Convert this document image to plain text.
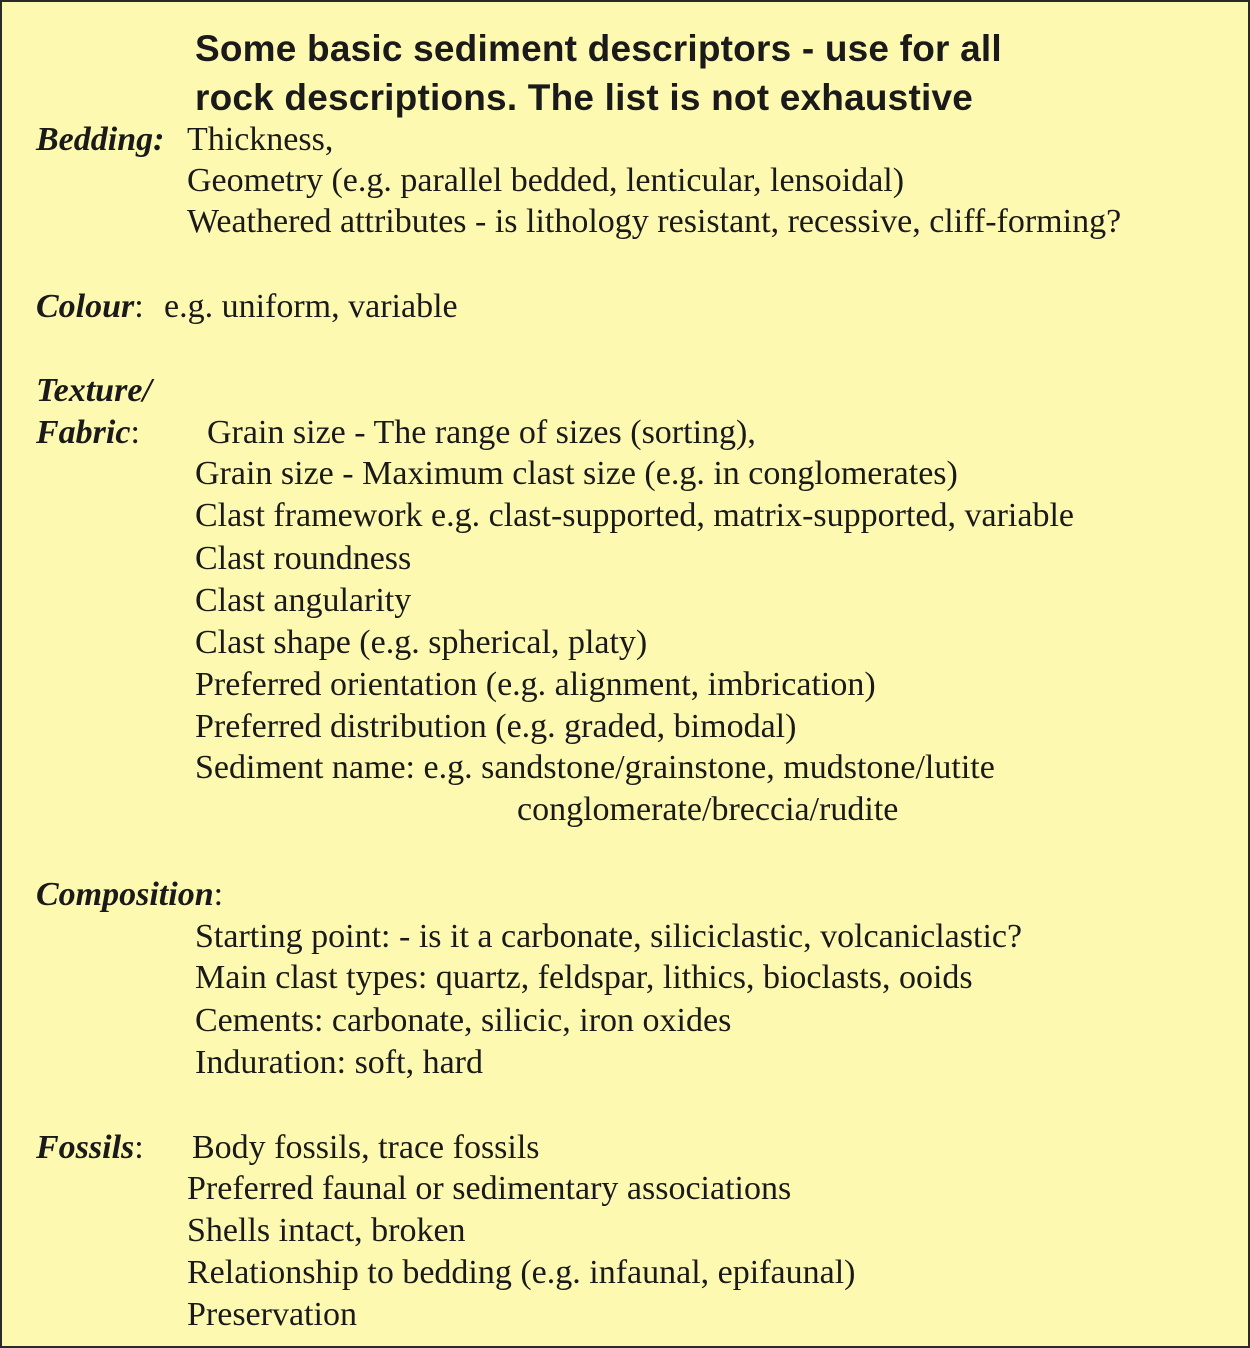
Some basic sediment descriptors - use for all
rock descriptions. The list is not exhaustive
Bedding: Thickness,
Geometry (e.g. parallel bedded, lenticular, lensoidal)
Weathered attributes - is lithology resistant, recessive, cliff-forming?
Colour: e.g. uniform, variable
Texture/
Fabric: Grain size - The range of sizes (sorting),
Grain size - Maximum clast size (e.g. in conglomerates)
Clast framework e.g. clast-supported, matrix-supported, variable
Clast roundness
Clast angularity
Clast shape (e.g. spherical, platy)
Preferred orientation (e.g. alignment, imbrication)
Preferred distribution (e.g. graded, bimodal)
Sediment name: e.g. sandstone/grainstone, mudstone/lutite
conglomerate/breccia/rudite
Composition:
Starting point: - is it a carbonate, siliciclastic, volcaniclastic?
Main clast types: quartz, feldspar, lithics, bioclasts, ooids
Cements: carbonate, silicic, iron oxides
Induration: soft, hard
Fossils: Body fossils, trace fossils
Preferred faunal or sedimentary associations
Shells intact, broken
Relationship to bedding (e.g. infaunal, epifaunal)
Preservation
